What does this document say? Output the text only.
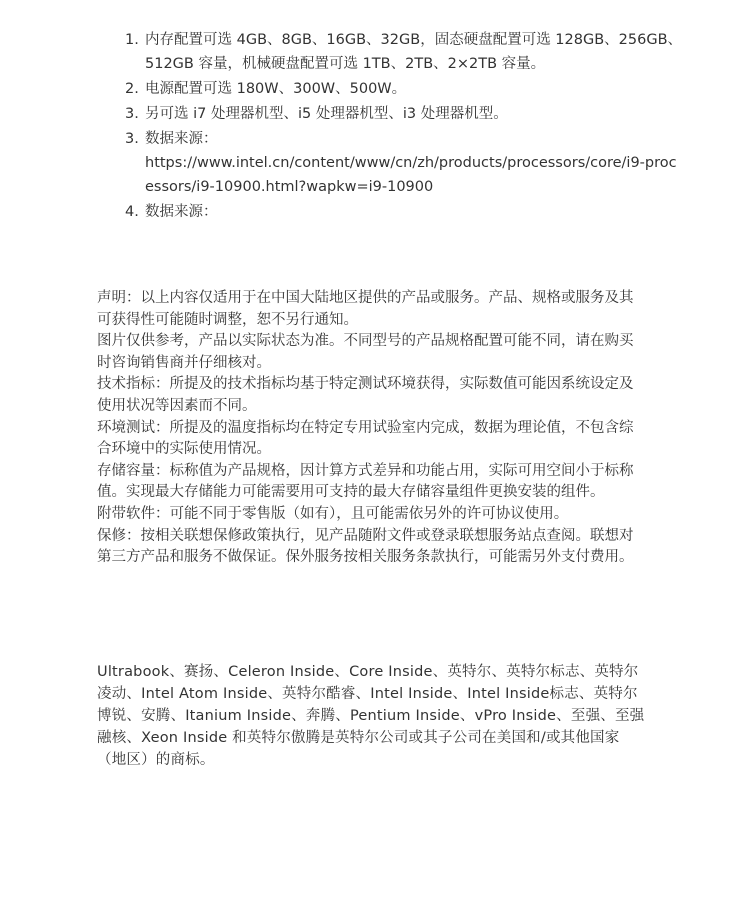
1. 内存配置可选 4GB、8GB、16GB、32GB，固态硬盘配置可选 128GB、256GB、512GB 容量，机械硬盘配置可选 1TB、2TB、2×2TB 容量。
2. 电源配置可选 180W、300W、500W。
3. 另可选 i7 处理器机型、i5 处理器机型、i3 处理器机型。
3. 数据来源：
https://www.intel.cn/content/www/cn/zh/products/processors/core/i9-processors/i9-10900.html?wapkw=i9-10900
4. 数据来源：

声明：以上内容仅适用于在中国大陆地区提供的产品或服务。产品、规格或服务及其可获得性可能随时调整，恕不另行通知。

图片仅供参考，产品以实际状态为准。不同型号的产品规格配置可能不同，请在购买时咨询销售商并仔细核对。

技术指标：所提及的技术指标均基于特定测试环境获得，实际数值可能因系统设定及使用状况等因素而不同。

环境测试：所提及的温度指标均在特定专用试验室内完成，数据为理论值，不包含综合环境中的实际使用情况。

存储容量：标称值为产品规格，因计算方式差异和功能占用，实际可用空间小于标称值。实现最大存储能力可能需要用可支持的最大存储容量组件更换安装的组件。

附带软件：可能不同于零售版（如有），且可能需依另外的许可协议使用。

保修：按相关联想保修政策执行，见产品随附文件或登录联想服务站点查阅。联想对第三方产品和服务不做保证。保外服务按相关服务条款执行，可能需另外支付费用。

Ultrabook、赛扬、Celeron Inside、Core Inside、英特尔、英特尔标志、英特尔凌动、Intel Atom Inside、英特尔酷睿、Intel Inside、Intel Inside标志、英特尔博锐、安腾、Itanium Inside、奔腾、Pentium Inside、vPro Inside、至强、至强融核、Xeon Inside 和英特尔傲腾是英特尔公司或其子公司在美国和/或其他国家（地区）的商标。
